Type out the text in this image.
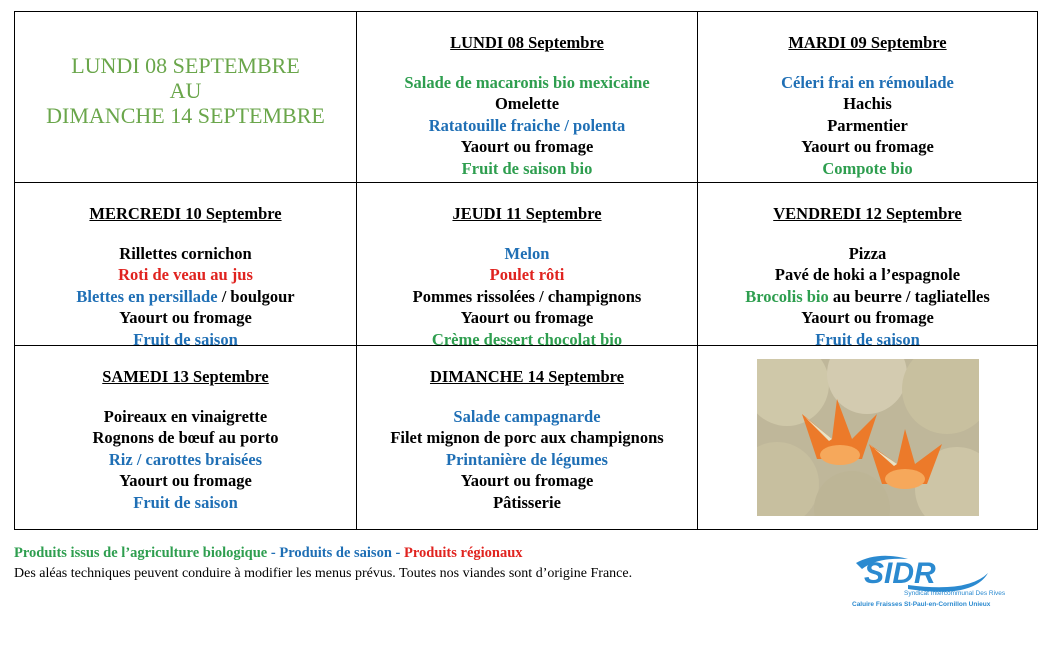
LUNDI 08 SEPTEMBRE
AU
DIMANCHE 14 SEPTEMBRE
LUNDI 08 Septembre
Salade de macaronis bio mexicaine
Omelette
Ratatouille fraiche / polenta
Yaourt ou fromage
Fruit de saison bio
MARDI 09 Septembre
Céleri frai en rémoulade
Hachis
Parmentier
Yaourt ou fromage
Compote bio
MERCREDI 10 Septembre
Rillettes cornichon
Roti de veau au jus
Blettes en persillade / boulgour
Yaourt ou fromage
Fruit de saison
JEUDI 11 Septembre
Melon
Poulet rôti
Pommes rissolées / champignons
Yaourt ou fromage
Crème dessert chocolat bio
VENDREDI 12 Septembre
Pizza
Pavé de hoki a l’espagnole
Brocolis bio au beurre / tagliatelles
Yaourt ou fromage
Fruit de saison
SAMEDI 13 Septembre
Poireaux en vinaigrette
Rognons de bœuf au porto
Riz / carottes braisées
Yaourt ou fromage
Fruit de saison
DIMANCHE 14 Septembre
Salade campagnarde
Filet mignon de porc aux champignons
Printanière de légumes
Yaourt ou fromage
Pâtisserie
Produits issus de l’agriculture biologique - Produits de saison - Produits régionaux
Des aléas techniques peuvent conduire à modifier les menus prévus. Toutes nos viandes sont d’origine France.	SIDR
Syndicat Intercommunal Des Rives
Caluire Fraisses St-Paul-en-Cornillon Unieux
